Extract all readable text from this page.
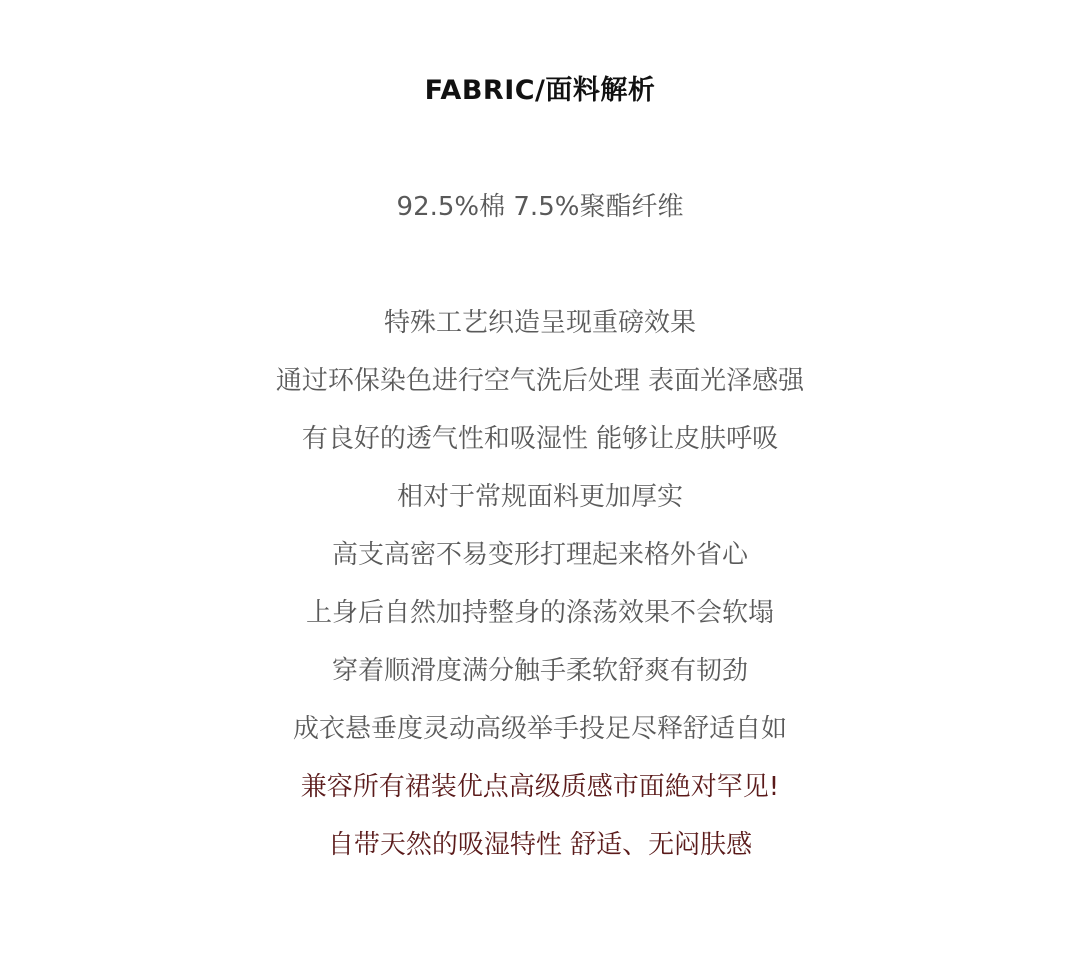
FABRIC/面料解析
92.5%棉 7.5%聚酯纤维
特殊工艺织造呈现重磅效果
通过环保染色进行空气洗后处理 表面光泽感强
有良好的透气性和吸湿性 能够让皮肤呼吸
相对于常规面料更加厚实
高支高密不易变形打理起来格外省心
上身后自然加持整身的涤荡效果不会软塌
穿着顺滑度满分触手柔软舒爽有韧劲
成衣悬垂度灵动高级举手投足尽释舒适自如
兼容所有裙装优点高级质感市面絶对罕见!
自带天然的吸湿特性 舒适、无闷肤感
